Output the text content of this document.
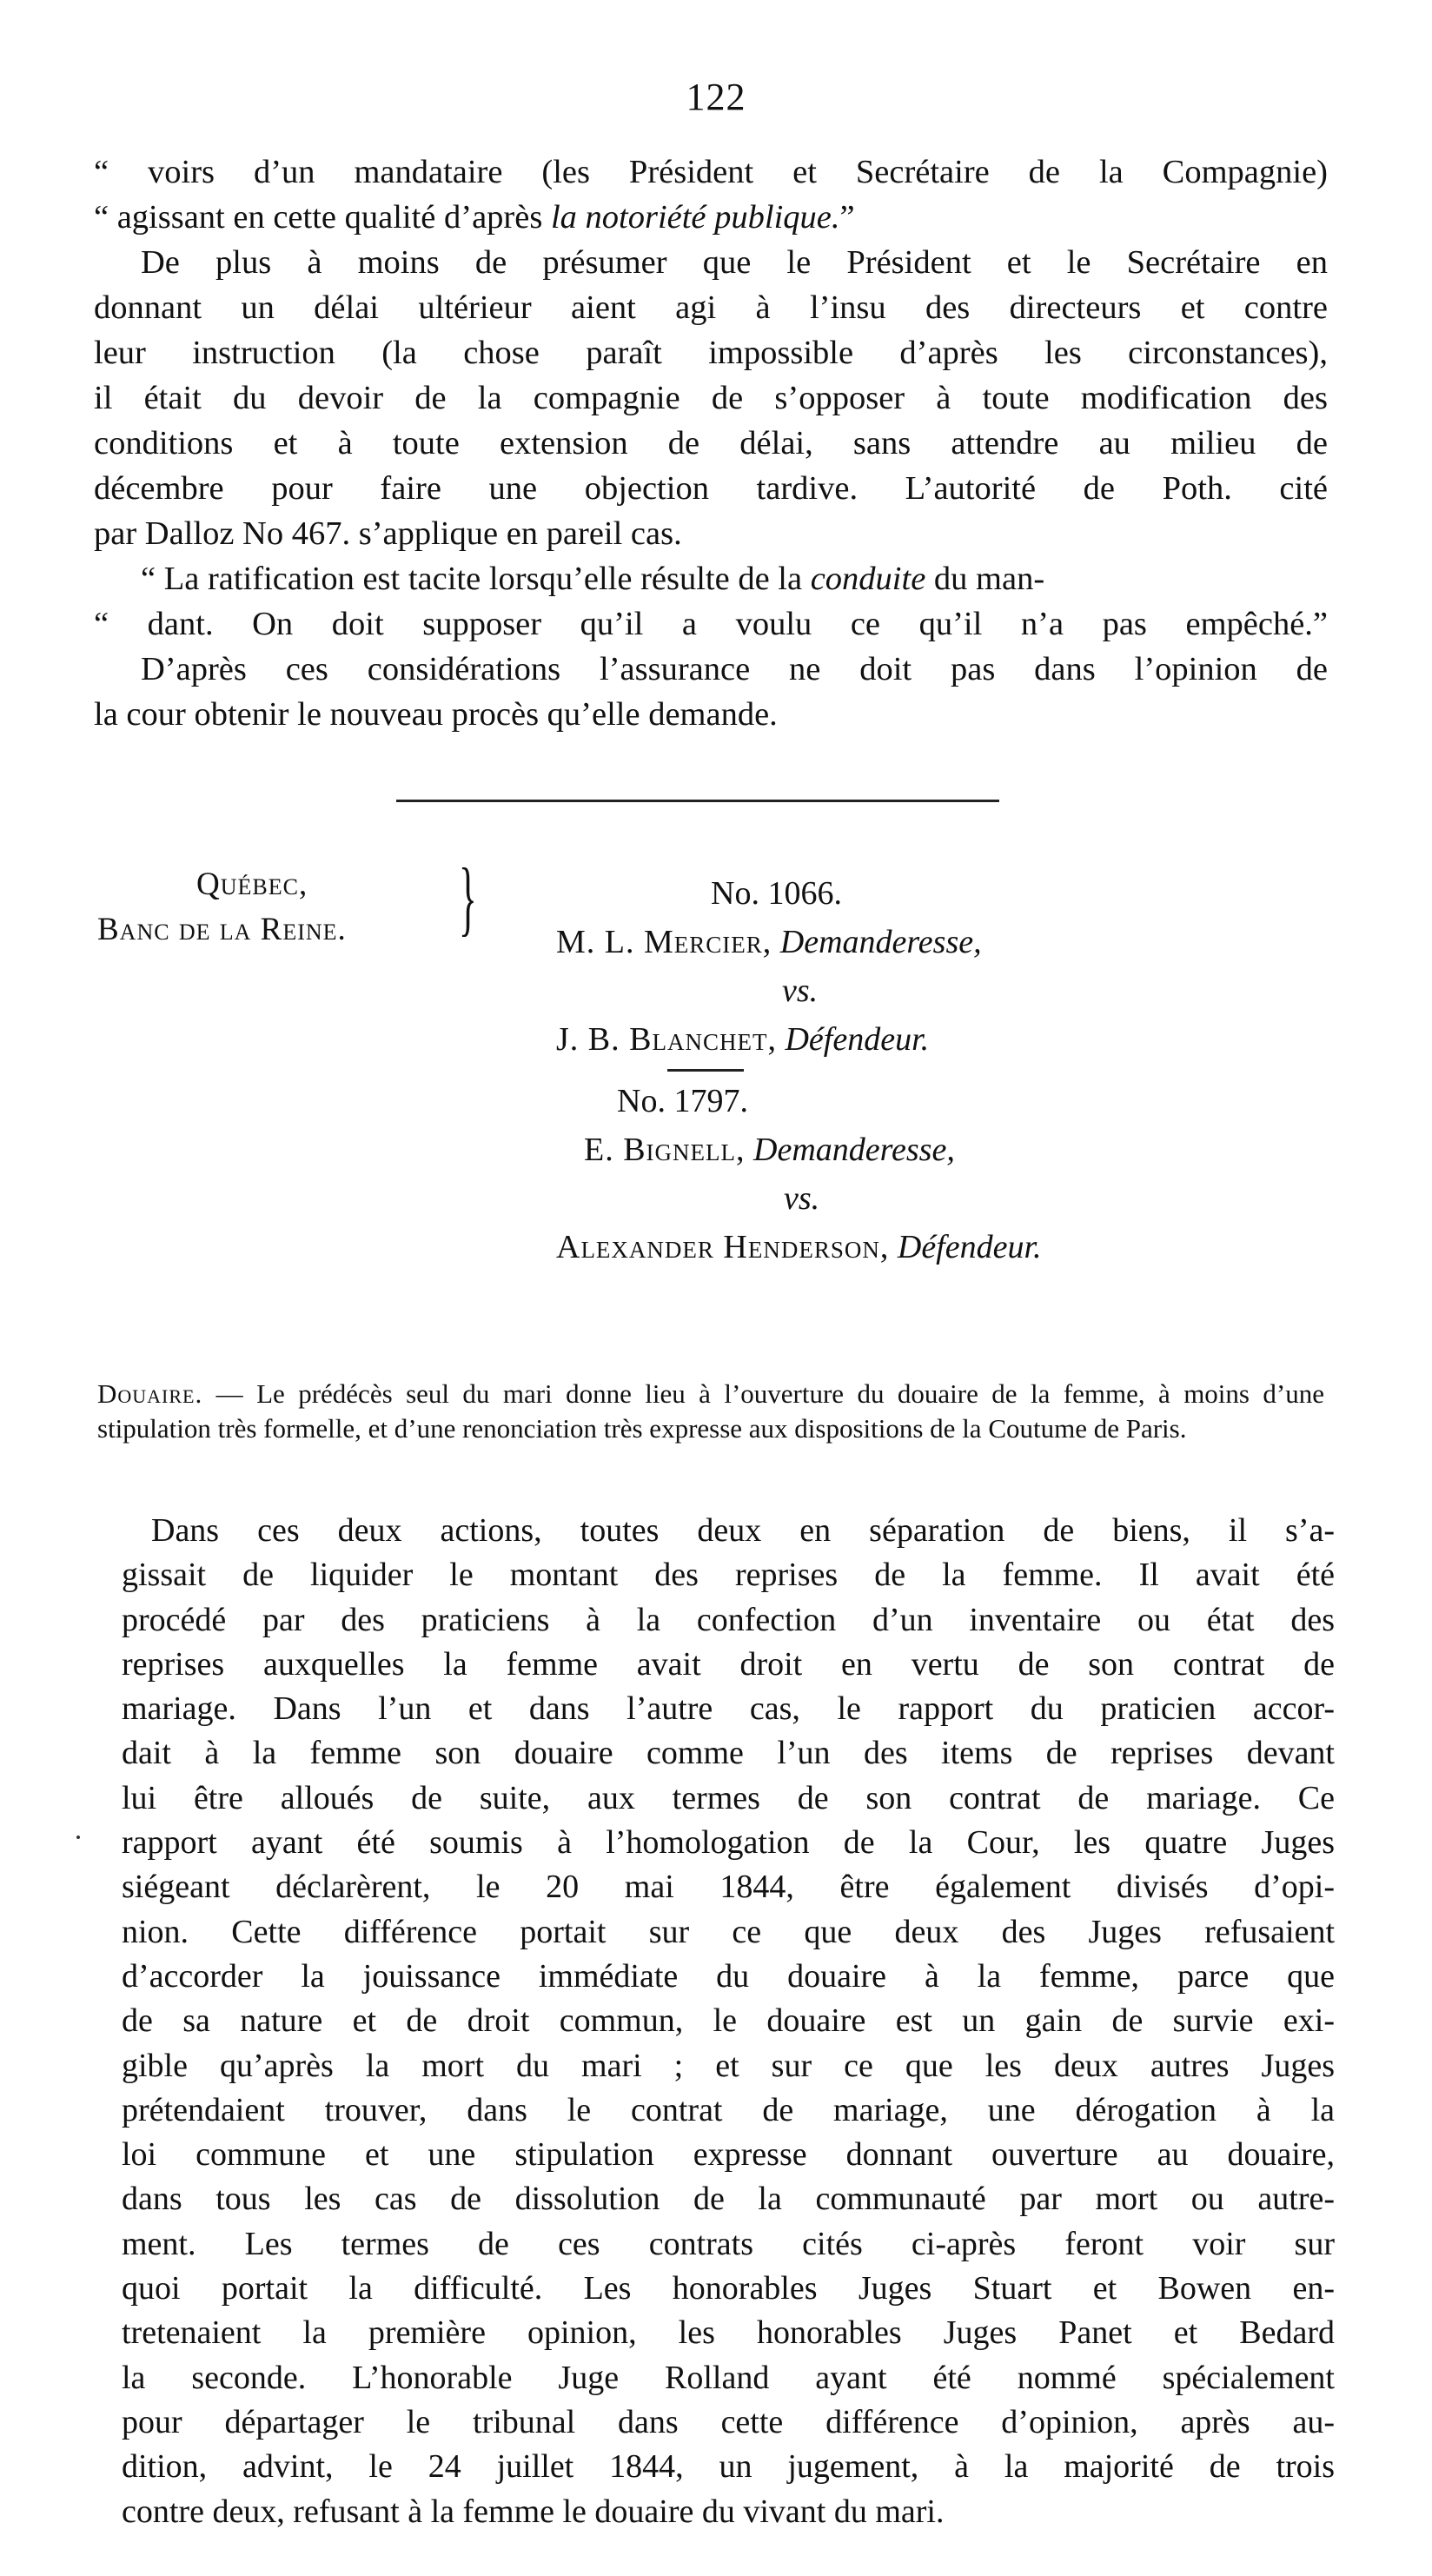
122
“ voirs d’un mandataire (les Président et Secrétaire de la Compagnie)
“ agissant en cette qualité d’après la notoriété publique.”
De plus à moins de présumer que le Président et le Secrétaire en
donnant un délai ultérieur aient agi à l’insu des directeurs et contre
leur instruction (la chose paraît impossible d’après les circonstances),
il était du devoir de la compagnie de s’opposer à toute modification des
conditions et à toute extension de délai, sans attendre au milieu de
décembre pour faire une objection tardive. L’autorité de Poth. cité
par Dalloz No 467. s’applique en pareil cas.
“ La ratification est tacite lorsqu’elle résulte de la conduite du man-
“ dant. On doit supposer qu’il a voulu ce qu’il n’a pas empêché.”
D’après ces considérations l’assurance ne doit pas dans l’opinion de
la cour obtenir le nouveau procès qu’elle demande.
Québec,
Banc de la Reine. }	No. 1066.
M. L. Mercier, Demanderesse,
vs.
J. B. Blanchet, Défendeur.
No. 1797.
E. Bignell, Demanderesse,
vs.
Alexander Henderson, Défendeur.
Douaire. — Le prédécès seul du mari donne lieu à l’ouverture du douaire de la femme, à moins d’une stipulation très formelle, et d’une renonciation très expresse aux dispositions de la Coutume de Paris.
Dans ces deux actions, toutes deux en séparation de biens, il s’a-
gissait de liquider le montant des reprises de la femme. Il avait été
procédé par des praticiens à la confection d’un inventaire ou état des
reprises auxquelles la femme avait droit en vertu de son contrat de
mariage. Dans l’un et dans l’autre cas, le rapport du praticien accor-
dait à la femme son douaire comme l’un des items de reprises devant
lui être alloués de suite, aux termes de son contrat de mariage. Ce
rapport ayant été soumis à l’homologation de la Cour, les quatre Juges
siégeant déclarèrent, le 20 mai 1844, être également divisés d’opi-
nion. Cette différence portait sur ce que deux des Juges refusaient
d’accorder la jouissance immédiate du douaire à la femme, parce que
de sa nature et de droit commun, le douaire est un gain de survie exi-
gible qu’après la mort du mari ; et sur ce que les deux autres Juges
prétendaient trouver, dans le contrat de mariage, une dérogation à la
loi commune et une stipulation expresse donnant ouverture au douaire,
dans tous les cas de dissolution de la communauté par mort ou autre-
ment. Les termes de ces contrats cités ci-après feront voir sur
quoi portait la difficulté. Les honorables Juges Stuart et Bowen en-
tretenaient la première opinion, les honorables Juges Panet et Bedard
la seconde. L’honorable Juge Rolland ayant été nommé spécialement
pour départager le tribunal dans cette différence d’opinion, après au-
dition, advint, le 24 juillet 1844, un jugement, à la majorité de trois
contre deux, refusant à la femme le douaire du vivant du mari.
